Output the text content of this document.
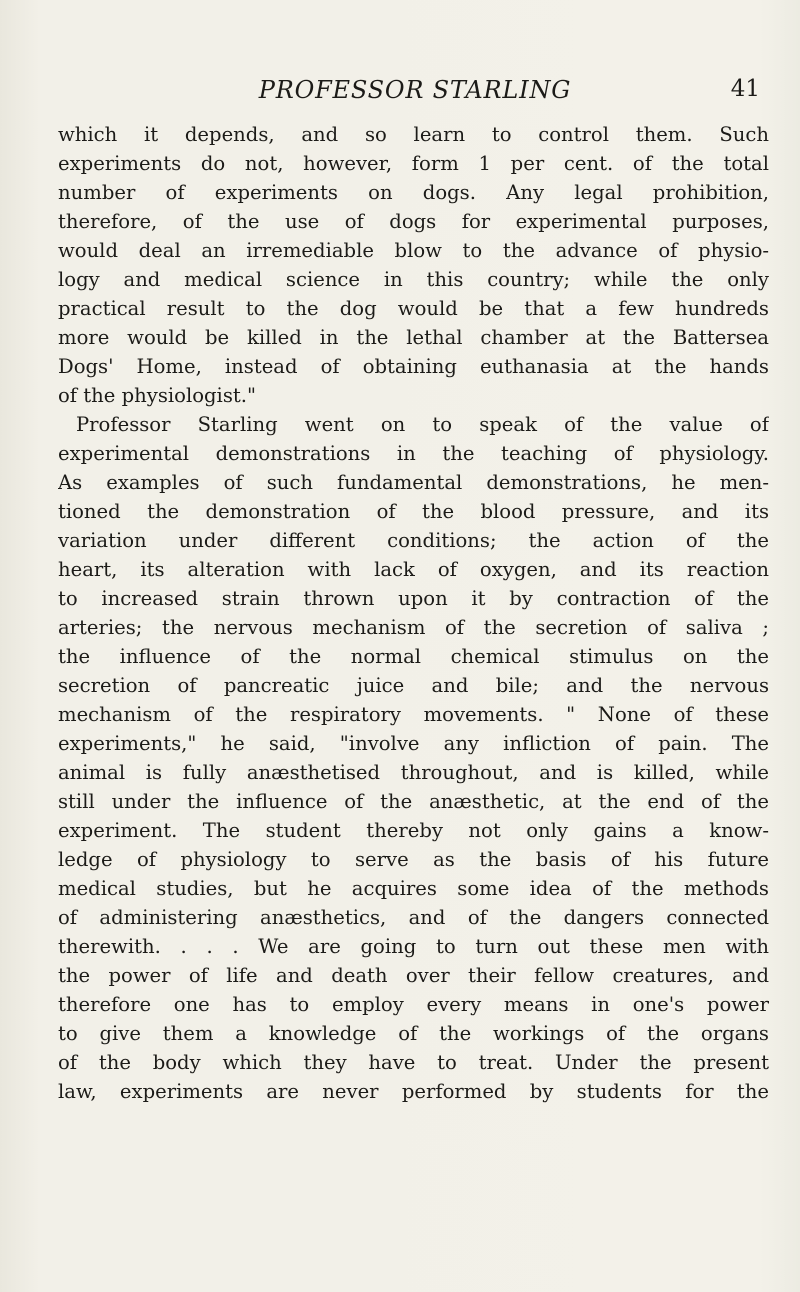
PROFESSOR STARLING	41
which it depends, and so learn to control them. Such
experiments do not, however, form 1 per cent. of the total
number of experiments on dogs. Any legal prohibition,
therefore, of the use of dogs for experimental purposes,
would deal an irremediable blow to the advance of physio-
logy and medical science in this country; while the only
practical result to the dog would be that a few hundreds
more would be killed in the lethal chamber at the Battersea
Dogs' Home, instead of obtaining euthanasia at the hands
of the physiologist."
Professor Starling went on to speak of the value of
experimental demonstrations in the teaching of physiology.
As examples of such fundamental demonstrations, he men-
tioned the demonstration of the blood pressure, and its
variation under different conditions; the action of the
heart, its alteration with lack of oxygen, and its reaction
to increased strain thrown upon it by contraction of the
arteries; the nervous mechanism of the secretion of saliva ;
the influence of the normal chemical stimulus on the
secretion of pancreatic juice and bile; and the nervous
mechanism of the respiratory movements. " None of these
experiments," he said, "involve any infliction of pain. The
animal is fully anæsthetised throughout, and is killed, while
still under the influence of the anæsthetic, at the end of the
experiment. The student thereby not only gains a know-
ledge of physiology to serve as the basis of his future
medical studies, but he acquires some idea of the methods
of administering anæsthetics, and of the dangers connected
therewith. . . . We are going to turn out these men with
the power of life and death over their fellow creatures, and
therefore one has to employ every means in one's power
to give them a knowledge of the workings of the organs
of the body which they have to treat. Under the present
law, experiments are never performed by students for the
